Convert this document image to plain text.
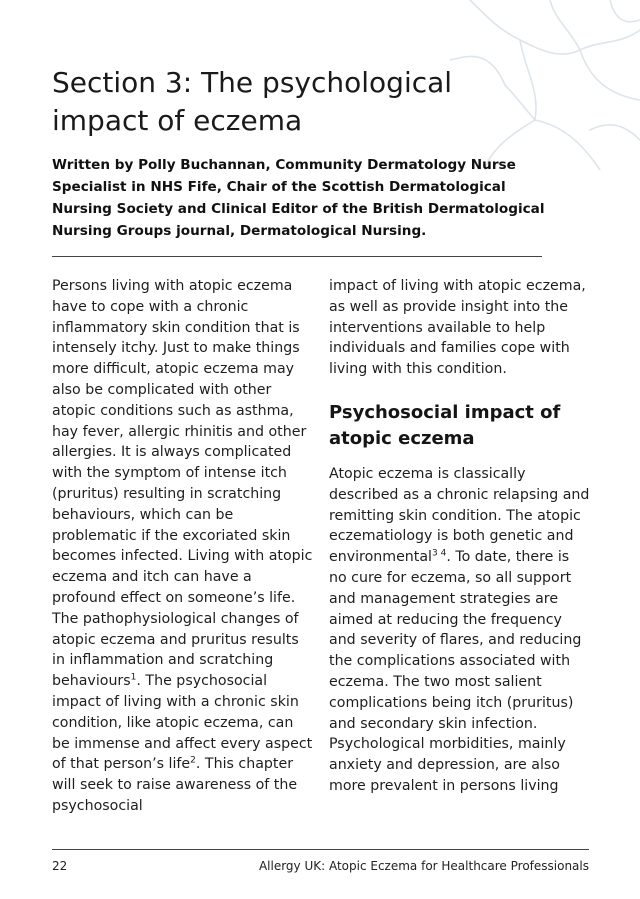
Section 3: The psychological impact of eczema

Written by Polly Buchannan, Community Dermatology Nurse Specialist in NHS Fife, Chair of the Scottish Dermatological Nursing Society and Clinical Editor of the British Dermatological Nursing Groups journal, Dermatological Nursing.

Persons living with atopic eczema have to cope with a chronic inflammatory skin condition that is intensely itchy. Just to make things more difficult, atopic eczema may also be complicated with other atopic conditions such as asthma, hay fever, allergic rhinitis and other allergies. It is always complicated with the symptom of intense itch (pruritus) resulting in scratching behaviours, which can be problematic if the excoriated skin becomes infected. Living with atopic eczema and itch can have a profound effect on someone’s life. The pathophysiological changes of atopic eczema and pruritus results in inflammation and scratching behaviours$^1$. The psychosocial impact of living with a chronic skin condition, like atopic eczema, can be immense and affect every aspect of that person’s life$^2$. This chapter will seek to raise awareness of the psychosocial

impact of living with atopic eczema, as well as provide insight into the interventions available to help individuals and families cope with living with this condition.

Psychosocial impact of atopic eczema

Atopic eczema is classically described as a chronic relapsing and remitting skin condition. The atopic eczematiology is both genetic and environmental$^{3 4}$. To date, there is no cure for eczema, so all support and management strategies are aimed at reducing the frequency and severity of flares, and reducing the complications associated with eczema. The two most salient complications being itch (pruritus) and secondary skin infection. Psychological morbidities, mainly anxiety and depression, are also more prevalent in persons living

22	Allergy UK: Atopic Eczema for Healthcare Professionals
